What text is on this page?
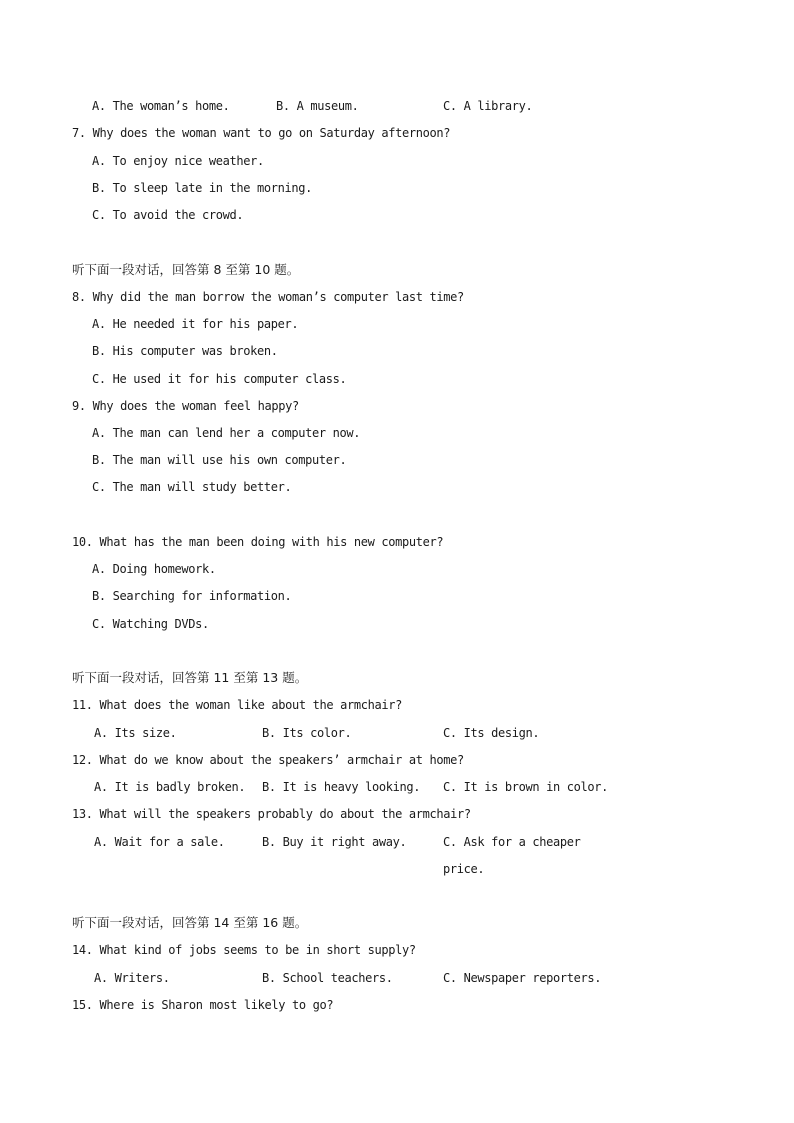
A. The woman’s home.	B. A museum.	C. A library.
7. Why does the woman want to go on Saturday afternoon?
A. To enjoy nice weather.
B. To sleep late in the morning.
C. To avoid the crowd.
听下面一段对话，回答第 8 至第 10 题。
8. Why did the man borrow the woman’s computer last time?
A. He needed it for his paper.
B. His computer was broken.
C. He used it for his computer class.
9. Why does the woman feel happy?
A. The man can lend her a computer now.
B. The man will use his own computer.
C. The man will study better.
10. What has the man been doing with his new computer?
A. Doing homework.
B. Searching for information.
C. Watching DVDs.
听下面一段对话，回答第 11 至第 13 题。
11. What does the woman like about the armchair?
A. Its size.	B. Its color.	C. Its design.
12. What do we know about the speakers’ armchair at home?
A. It is badly broken. B. It is heavy looking. C. It is brown in color.
13. What will the speakers probably do about the armchair?
A. Wait for a sale.	B. Buy it right away.	C. Ask for a cheaper
price.
听下面一段对话，回答第 14 至第 16 题。
14. What kind of jobs seems to be in short supply?
A. Writers.	B. School teachers.	C. Newspaper reporters.
15. Where is Sharon most likely to go?
